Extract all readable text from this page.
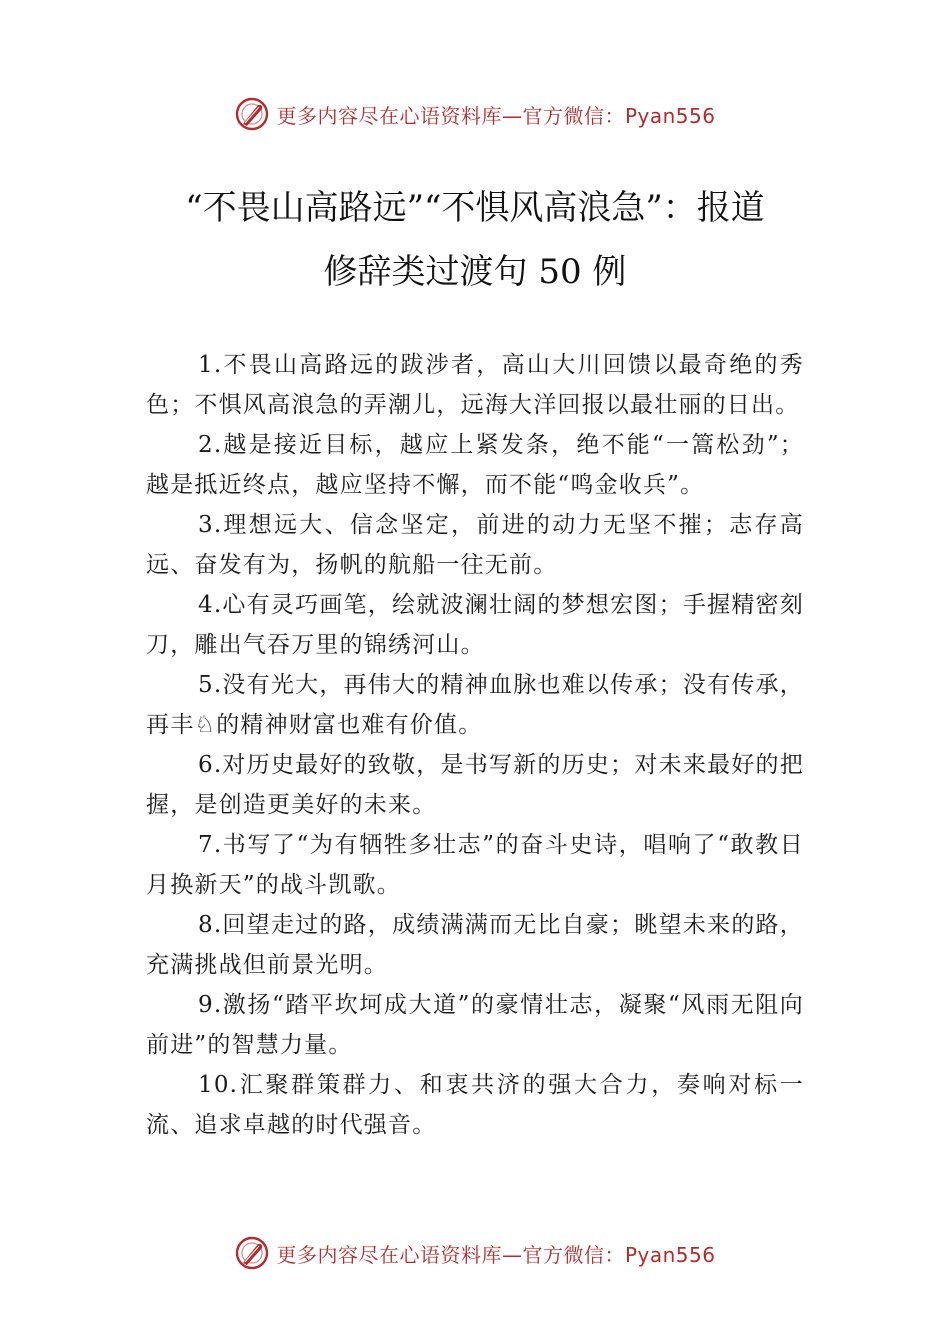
更多内容尽在心语资料库—官方微信：Pyan556
“不畏山高路远”“不惧风高浪急”：报道
修辞类过渡句 50 例

1.不畏山高路远的跋涉者，高山大川回馈以最奇绝的秀色；不惧风高浪急的弄潮儿，远海大洋回报以最壮丽的日出。

2.越是接近目标，越应上紧发条，绝不能“一篙松劲”；越是抵近终点，越应坚持不懈，而不能“鸣金收兵”。

3.理想远大、信念坚定，前进的动力无坚不摧；志存高远、奋发有为，扬帆的航船一往无前。

4.心有灵巧画笔，绘就波澜壮阔的梦想宏图；手握精密刻刀，雕出气吞万里的锦绣河山。

5.没有光大，再伟大的精神血脉也难以传承；没有传承，再丰♘的精神财富也难有价值。

6.对历史最好的致敬，是书写新的历史；对未来最好的把握，是创造更美好的未来。

7.书写了“为有牺牲多壮志”的奋斗史诗，唱响了“敢教日月换新天”的战斗凯歌。

8.回望走过的路，成绩满满而无比自豪；眺望未来的路，充满挑战但前景光明。

9.激扬“踏平坎坷成大道”的豪情壮志，凝聚“风雨无阻向前进”的智慧力量。

10.汇聚群策群力、和衷共济的强大合力，奏响对标一流、追求卓越的时代强音。

更多内容尽在心语资料库—官方微信：Pyan556
